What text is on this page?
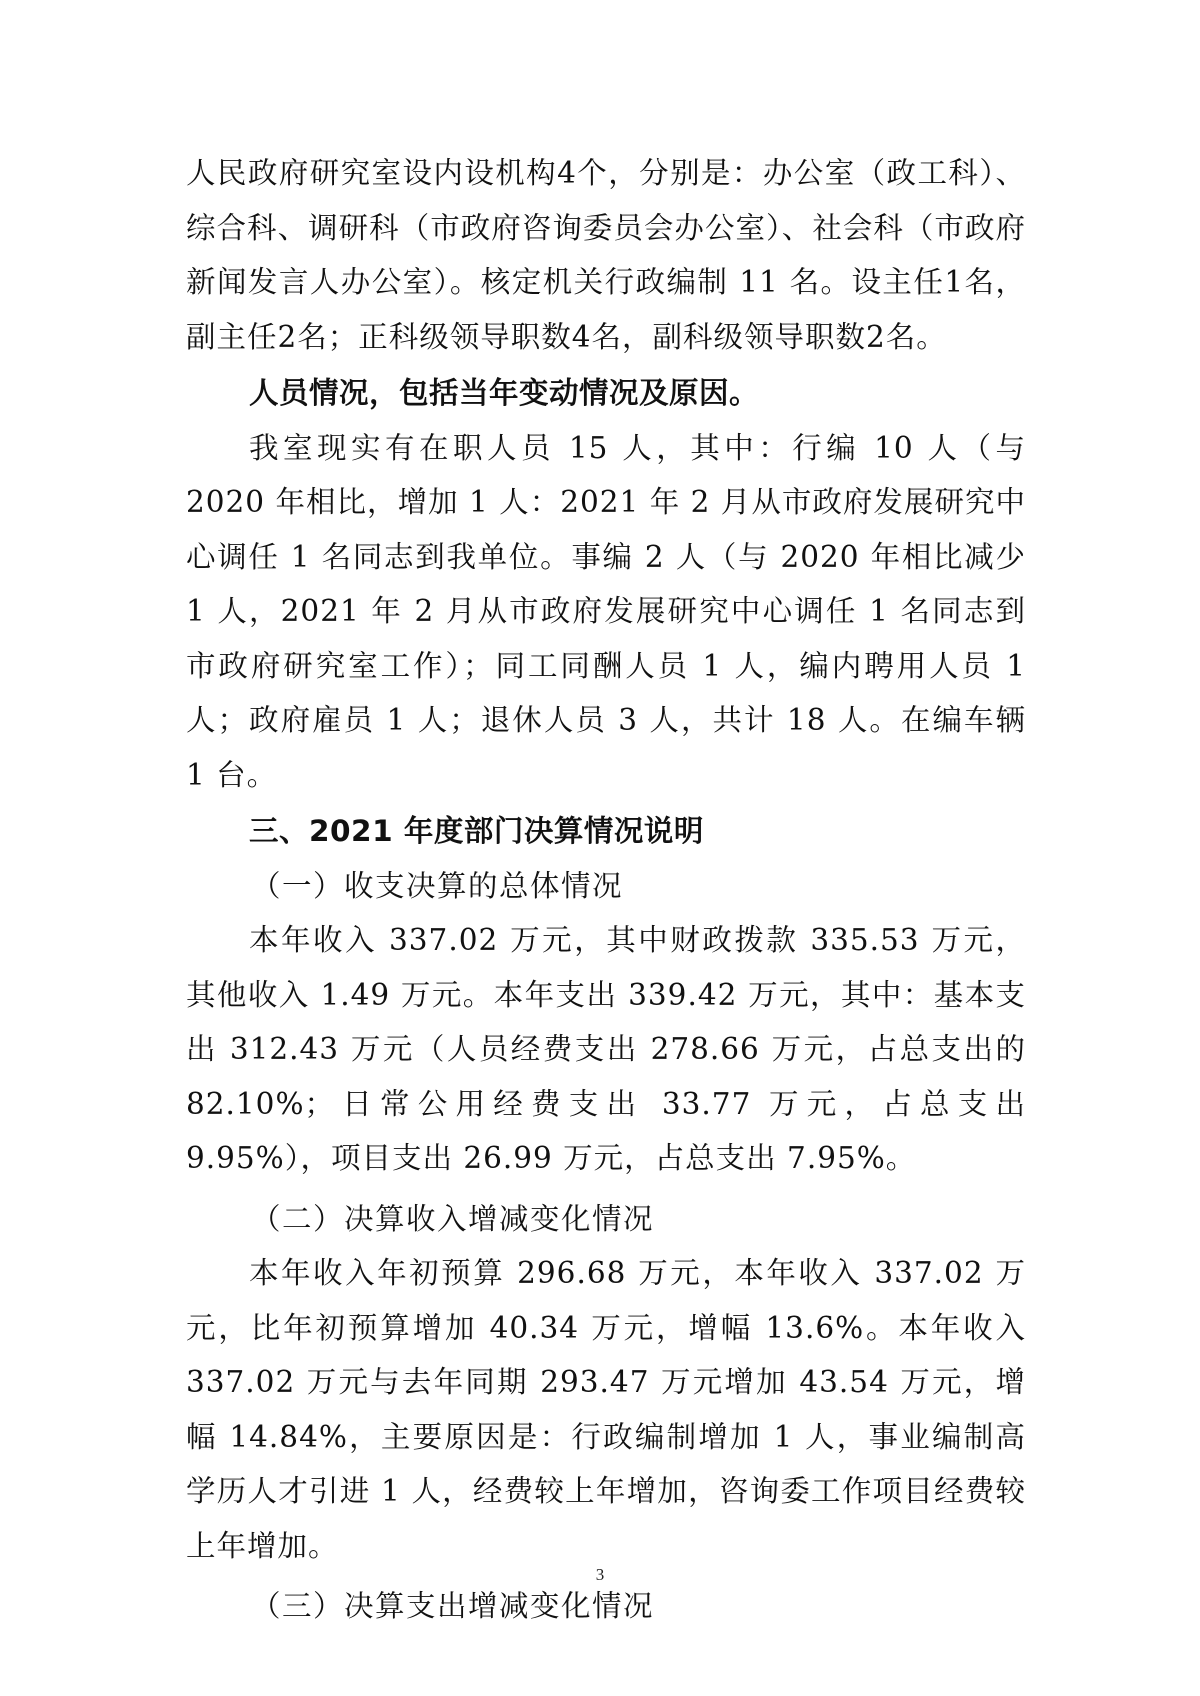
人民政府研究室设内设机构4个，分别是：办公室（政工科）、综合科、调研科（市政府咨询委员会办公室）、社会科（市政府新闻发言人办公室）。核定机关行政编制 11 名。设主任1名，副主任2名；正科级领导职数4名，副科级领导职数2名。

人员情况，包括当年变动情况及原因。

我室现实有在职人员 15 人，其中：行编 10 人（与 2020 年相比，增加 1 人：2021 年 2 月从市政府发展研究中心调任 1 名同志到我单位。事编 2 人（与 2020 年相比减少 1 人，2021 年 2 月从市政府发展研究中心调任 1 名同志到市政府研究室工作）；同工同酬人员 1 人，编内聘用人员 1 人；政府雇员 1 人；退休人员 3 人，共计 18 人。在编车辆 1 台。

三、2021 年度部门决算情况说明

（一）收支决算的总体情况

本年收入 337.02 万元，其中财政拨款 335.53 万元，其他收入 1.49 万元。本年支出 339.42 万元，其中：基本支出 312.43 万元（人员经费支出 278.66 万元，占总支出的 82.10%；日常公用经费支出 33.77 万元，占总支出 9.95%），项目支出 26.99 万元，占总支出 7.95%。

（二）决算收入增减变化情况

本年收入年初预算 296.68 万元，本年收入 337.02 万元，比年初预算增加 40.34 万元，增幅 13.6%。本年收入 337.02 万元与去年同期 293.47 万元增加 43.54 万元，增幅 14.84%，主要原因是：行政编制增加 1 人，事业编制高学历人才引进 1 人，经费较上年增加，咨询委工作项目经费较上年增加。

（三）决算支出增减变化情况

3
